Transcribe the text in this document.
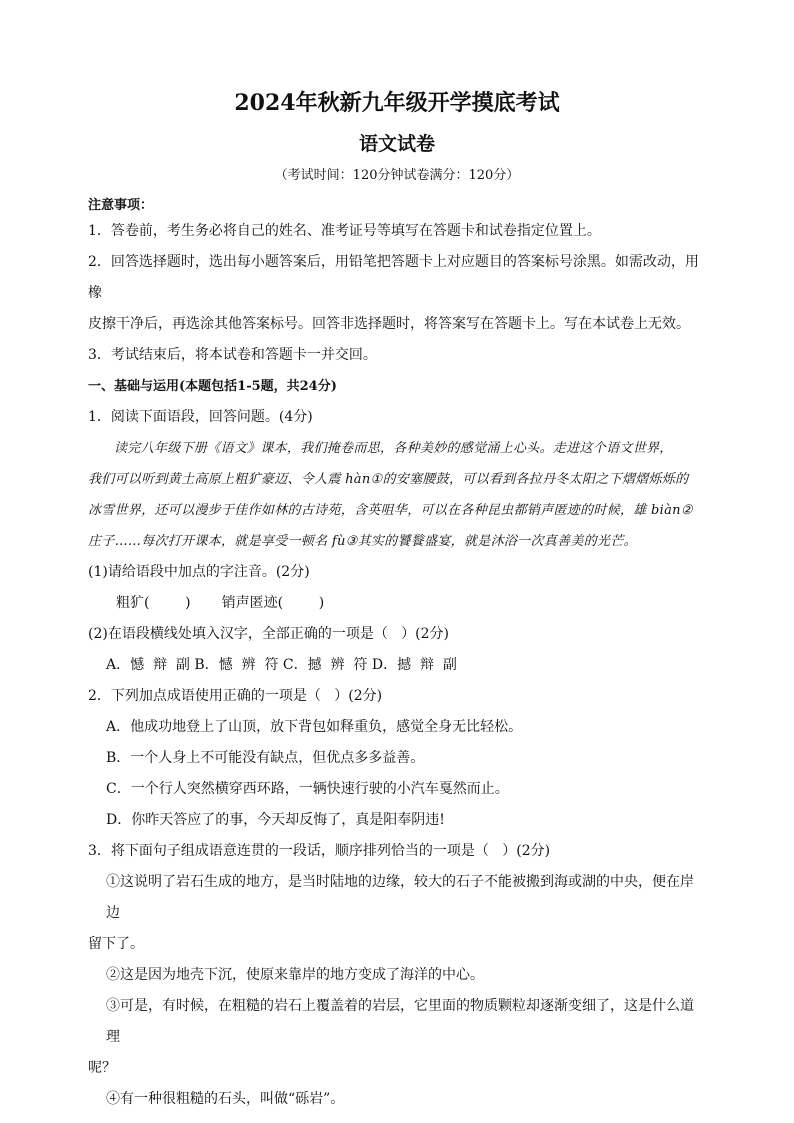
2024年秋新九年级开学摸底考试
语文试卷
（考试时间：120分钟试卷满分：120分）
注意事项：
1．答卷前，考生务必将自己的姓名、准考证号等填写在答题卡和试卷指定位置上。
2．回答选择题时，选出每小题答案后，用铅笔把答题卡上对应题目的答案标号涂黑。如需改动，用橡
皮擦干净后，再选涂其他答案标号。回答非选择题时，将答案写在答题卡上。写在本试卷上无效。
3．考试结束后，将本试卷和答题卡一并交回。
一、基础与运用(本题包括1-5题，共24分)
1．阅读下面语段，回答问题。(4分)
读完八年级下册《语文》课本，我们掩卷而思，各种美妙的感觉涌上心头。走进这个语文世界，
我们可以听到黄土高原上粗犷豪迈、令人震 hàn①的安塞腰鼓，可以看到各拉丹冬太阳之下熠熠烁烁的
冰雪世界，还可以漫步于佳作如林的古诗苑，含英咀华，可以在各种昆虫都销声匿迹的时候，雄 biàn②
庄子……每次打开课本，就是享受一顿名 fù③其实的饕餮盛宴，就是沐浴一次真善美的光芒。
(1)请给语段中加点的字注音。(2分)
粗犷(        )       销声匿迹(        )
(2)在语段横线处填入汉字，全部正确的一项是（   ）(2分)
A．憾  辩  副 B．憾  辨  符 C．撼  辨  符 D．撼  辩  副
2．下列加点成语使用正确的一项是（   ）(2分)
A．他成功地登上了山顶，放下背包如释重负，感觉全身无比轻松。
B．一个人身上不可能没有缺点，但优点多多益善。
C．一个行人突然横穿西环路，一辆快速行驶的小汽车戛然而止。
D．你昨天答应了的事，今天却反悔了，真是阳奉阴违!
3．将下面句子组成语意连贯的一段话，顺序排列恰当的一项是（   ）(2分)
①这说明了岩石生成的地方，是当时陆地的边缘，较大的石子不能被搬到海或湖的中央，便在岸边
留下了。
②这是因为地壳下沉，使原来靠岸的地方变成了海洋的中心。
③可是，有时候，在粗糙的岩石上覆盖着的岩层，它里面的物质颗粒却逐渐变细了，这是什么道理
呢？
④有一种很粗糙的石头，叫做“砾岩”。
